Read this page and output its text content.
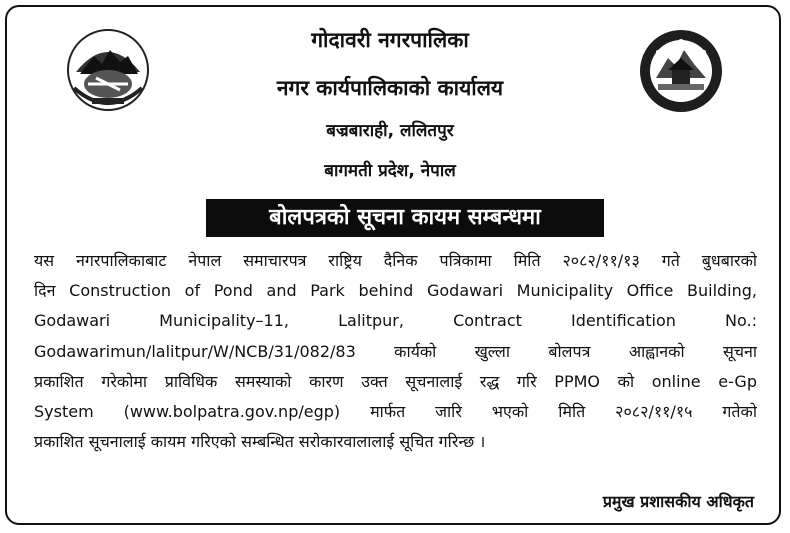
गोदावरी नगरपालिका
नगर कार्यपालिकाको कार्यालय
बज्रबाराही, ललितपुर
बागमती प्रदेश, नेपाल
बोलपत्रको सूचना कायम सम्बन्धमा
यस नगरपालिकाबाट नेपाल समाचारपत्र राष्ट्रिय दैनिक पत्रिकामा मिति २०८२/११/१३ गते बुधबारको
दिन Construction of Pond and Park behind Godawari Municipality Office Building,
Godawari Municipality–11, Lalitpur, Contract Identification No.:
Godawarimun/lalitpur/W/NCB/31/082/83 कार्यको खुल्ला बोलपत्र आह्वानको सूचना
प्रकाशित गरेकोमा प्राविधिक समस्याको कारण उक्त सूचनालाई रद्ध गरि PPMO को online e-Gp
System (www.bolpatra.gov.np/egp) मार्फत जारि भएको मिति २०८२/११/१५ गतेको
प्रकाशित सूचनालाई कायम गरिएको सम्बन्धित सरोकारवालालाई सूचित गरिन्छ ।
प्रमुख प्रशासकीय अधिकृत
